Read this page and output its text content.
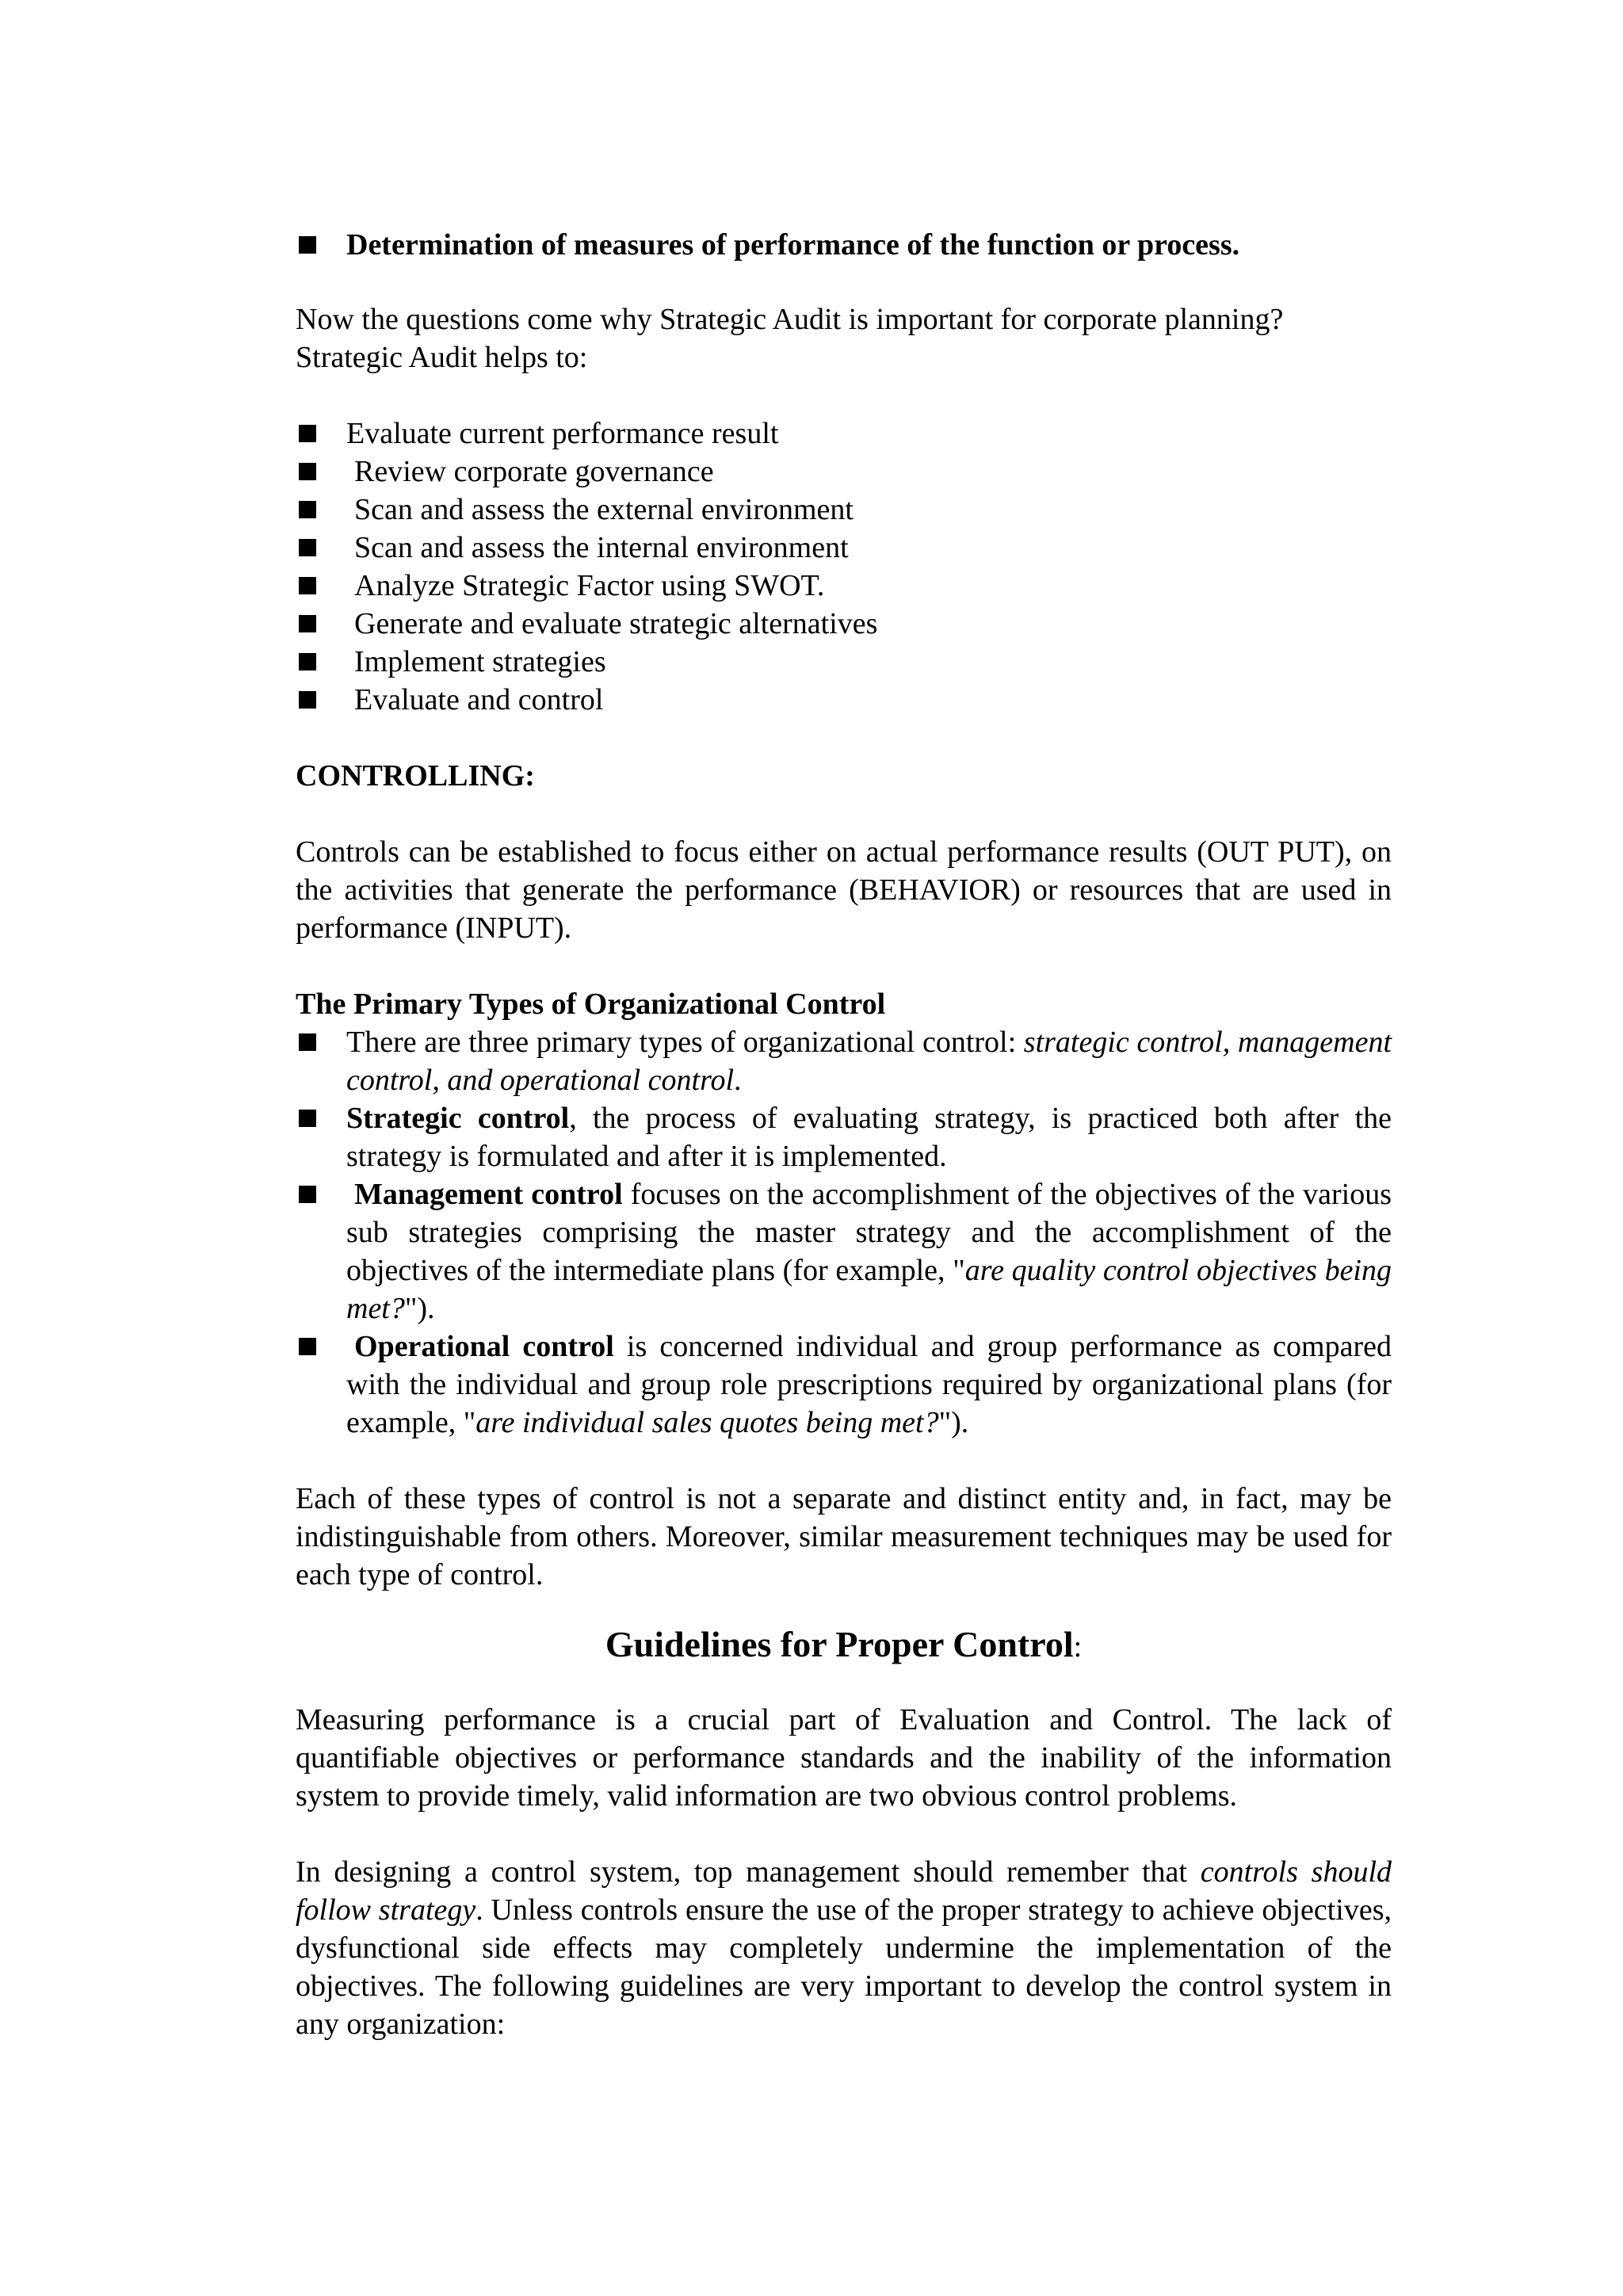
Determination of measures of performance of the function or process.

Now the questions come why Strategic Audit is important for corporate planning? Strategic Audit helps to:

Evaluate current performance result
Review corporate governance
Scan and assess the external environment
Scan and assess the internal environment
Analyze Strategic Factor using SWOT.
Generate and evaluate strategic alternatives
Implement strategies
Evaluate and control

CONTROLLING:

Controls can be established to focus either on actual performance results (OUT PUT), on the activities that generate the performance (BEHAVIOR) or resources that are used in performance (INPUT).

The Primary Types of Organizational Control

There are three primary types of organizational control: strategic control, management control, and operational control.
Strategic control, the process of evaluating strategy, is practiced both after the strategy is formulated and after it is implemented.
Management control focuses on the accomplishment of the objectives of the various sub strategies comprising the master strategy and the accomplishment of the objectives of the intermediate plans (for example, "are quality control objectives being met?").
Operational control is concerned individual and group performance as compared with the individual and group role prescriptions required by organizational plans (for example, "are individual sales quotes being met?").

Each of these types of control is not a separate and distinct entity and, in fact, may be indistinguishable from others. Moreover, similar measurement techniques may be used for each type of control.

Guidelines for Proper Control:

Measuring performance is a crucial part of Evaluation and Control. The lack of quantifiable objectives or performance standards and the inability of the information system to provide timely, valid information are two obvious control problems.

In designing a control system, top management should remember that controls should follow strategy. Unless controls ensure the use of the proper strategy to achieve objectives, dysfunctional side effects may completely undermine the implementation of the objectives. The following guidelines are very important to develop the control system in any organization:
